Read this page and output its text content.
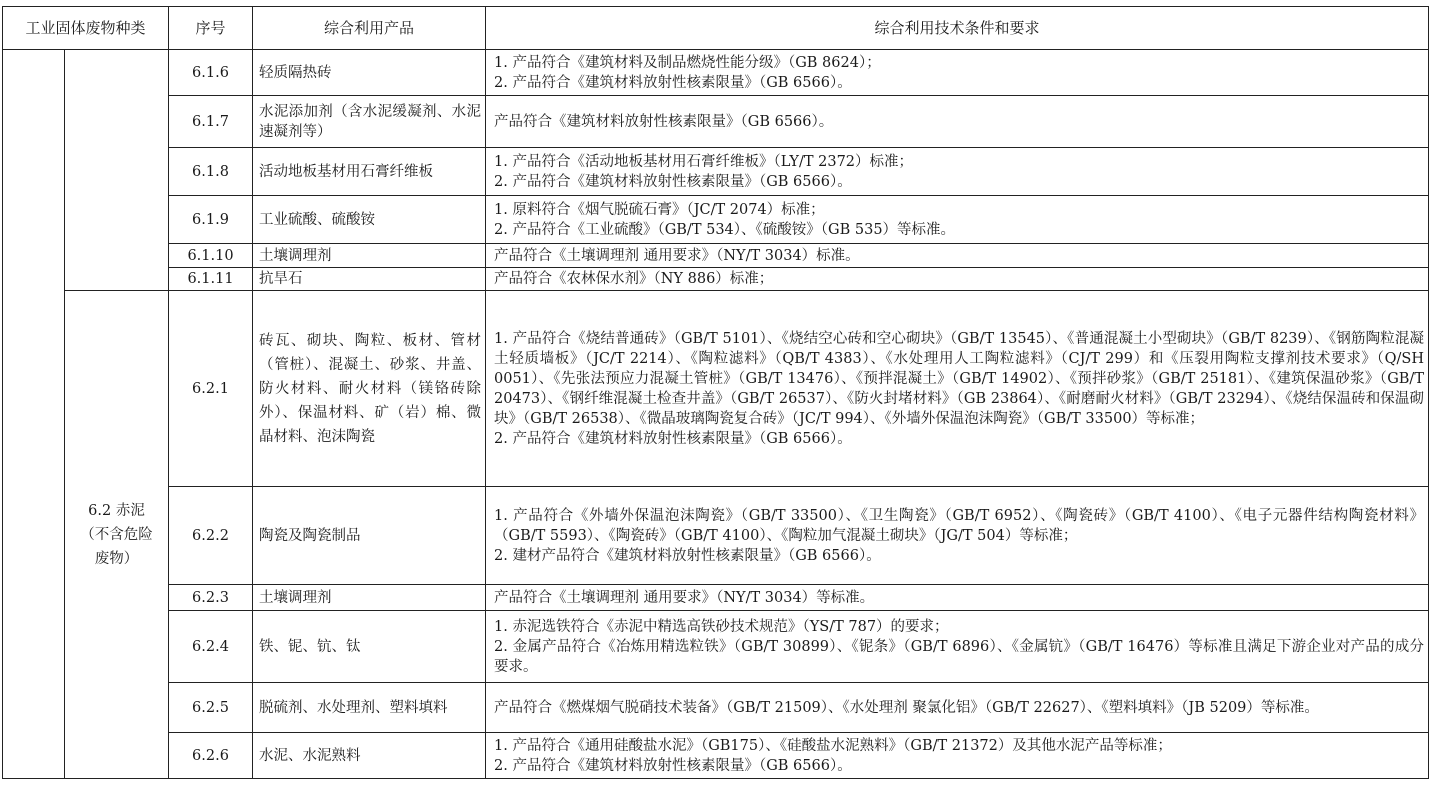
工业固体废物种类		序号	综合利用产品	综合利用技术条件和要求
		6.1.6	轻质隔热砖	1. 产品符合《建筑材料及制品燃烧性能分级》（GB 8624）；
2. 产品符合《建筑材料放射性核素限量》（GB 6566）。

		6.1.7	水泥添加剂（含水泥缓凝剂、水泥速凝剂等）	产品符合《建筑材料放射性核素限量》（GB 6566）。

		6.1.8	活动地板基材用石膏纤维板	1. 产品符合《活动地板基材用石膏纤维板》（LY/T 2372）标准；
2. 产品符合《建筑材料放射性核素限量》（GB 6566）。

		6.1.9	工业硫酸、硫酸铵	1. 原料符合《烟气脱硫石膏》（JC/T 2074）标准；
2. 产品符合《工业硫酸》（GB/T 534）、《硫酸铵》（GB 535）等标准。

		6.1.10	土壤调理剂	产品符合《土壤调理剂 通用要求》（NY/T 3034）标准。

		6.1.11	抗旱石	产品符合《农林保水剂》（NY 886）标准；

	6.2 赤泥（不含危险废物）	6.2.1	砖瓦、砌块、陶粒、板材、管材（管桩）、混凝土、砂浆、井盖、防火材料、耐火材料（镁铬砖除外）、保温材料、矿（岩）棉、微晶材料、泡沫陶瓷	1. 产品符合《烧结普通砖》（GB/T 5101）、《烧结空心砖和空心砌块》（GB/T 13545）、《普通混凝土小型砌块》（GB/T 8239）、《钢筋陶粒混凝土轻质墙板》（JC/T 2214）、《陶粒滤料》（QB/T 4383）、《水处理用人工陶粒滤料》（CJ/T 299）和《压裂用陶粒支撑剂技术要求》（Q/SH 0051）、《先张法预应力混凝土管桩》（GB/T 13476）、《预拌混凝土》（GB/T 14902）、《预拌砂浆》（GB/T 25181）、《建筑保温砂浆》（GB/T 20473）、《钢纤维混凝土检查井盖》（GB/T 26537）、《防火封堵材料》（GB 23864）、《耐磨耐火材料》（GB/T 23294）、《烧结保温砖和保温砌块》（GB/T 26538）、《微晶玻璃陶瓷复合砖》（JC/T 994）、《外墙外保温泡沫陶瓷》（GB/T 33500）等标准；
2. 产品符合《建筑材料放射性核素限量》（GB 6566）。

		6.2.2	陶瓷及陶瓷制品	1. 产品符合《外墙外保温泡沫陶瓷》（GB/T 33500）、《卫生陶瓷》（GB/T 6952）、《陶瓷砖》（GB/T 4100）、《电子元器件结构陶瓷材料》（GB/T 5593）、《陶瓷砖》（GB/T 4100）、《陶粒加气混凝土砌块》（JG/T 504）等标准；
2. 建材产品符合《建筑材料放射性核素限量》（GB 6566）。

		6.2.3	土壤调理剂	产品符合《土壤调理剂 通用要求》（NY/T 3034）等标准。

		6.2.4	铁、铌、钪、钛	1. 赤泥选铁符合《赤泥中精选高铁砂技术规范》（YS/T 787）的要求；
2. 金属产品符合《冶炼用精选粒铁》（GB/T 30899）、《铌条》（GB/T 6896）、《金属钪》（GB/T 16476）等标准且满足下游企业对产品的成分要求。

		6.2.5	脱硫剂、水处理剂、塑料填料	产品符合《燃煤烟气脱硝技术装备》（GB/T 21509）、《水处理剂 聚氯化铝》（GB/T 22627）、《塑料填料》（JB 5209）等标准。

		6.2.6	水泥、水泥熟料	1. 产品符合《通用硅酸盐水泥》（GB175）、《硅酸盐水泥熟料》（GB/T 21372）及其他水泥产品等标准；
2. 产品符合《建筑材料放射性核素限量》（GB 6566）。
